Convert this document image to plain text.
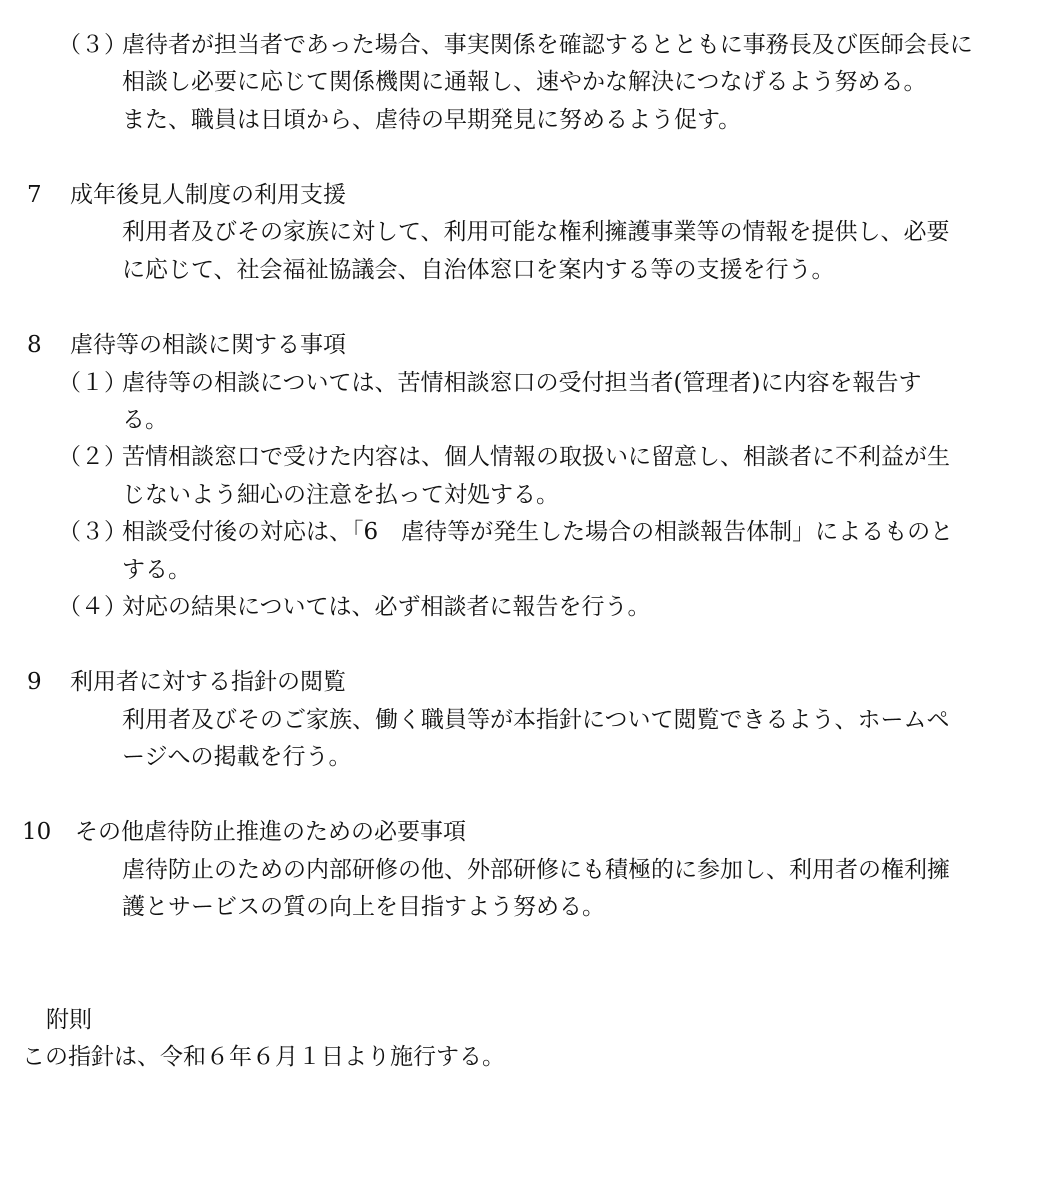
（３）
虐待者が担当者であった場合、事実関係を確認するとともに事務長及び医師会長に
相談し必要に応じて関係機関に通報し、速やかな解決につなげるよう努める。
また、職員は日頃から、虐待の早期発見に努めるよう促す。
7 成年後見人制度の利用支援
利用者及びその家族に対して、利用可能な権利擁護事業等の情報を提供し、必要
に応じて、社会福祉協議会、自治体窓口を案内する等の支援を行う。
8 虐待等の相談に関する事項
（１）
虐待等の相談については、苦情相談窓口の受付担当者(管理者)に内容を報告す
る。
（２）
苦情相談窓口で受けた内容は、個人情報の取扱いに留意し、相談者に不利益が生
じないよう細心の注意を払って対処する。
（３）
相談受付後の対応は、「6　虐待等が発生した場合の相談報告体制」によるものと
する。
（４）
対応の結果については、必ず相談者に報告を行う。
9 利用者に対する指針の閲覧
利用者及びそのご家族、働く職員等が本指針について閲覧できるよう、ホームペ
ージへの掲載を行う。
10 その他虐待防止推進のための必要事項
虐待防止のための内部研修の他、外部研修にも積極的に参加し、利用者の権利擁
護とサービスの質の向上を目指すよう努める。
附則
この指針は、令和６年６月１日より施行する。
